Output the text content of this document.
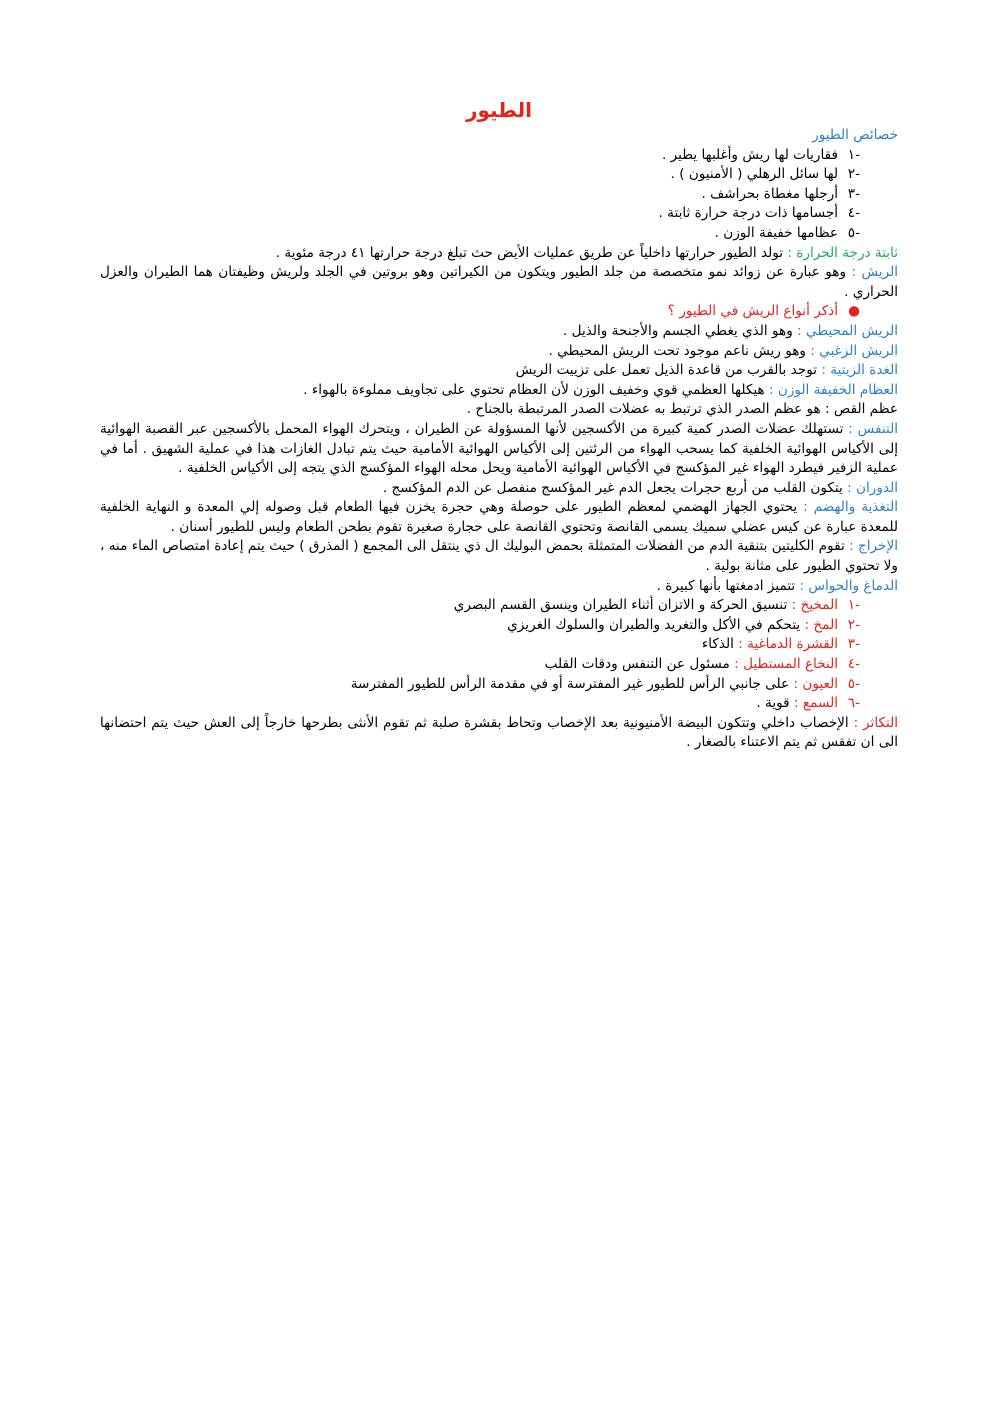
الطيور

خصائص الطيور

-١
فقاريات لها ريش وأغلبها يطير .
-٢
لها سائل الرهلي ( الأمنيون ) .
-٣
أرجلها مغطاة بحراشف .
-٤
أجسامها ذات درجة حرارة ثابتة .
-٥
عظامها خفيفة الوزن .

ثابتة درجة الحرارة : تولد الطيور حرارتها داخلياً عن طريق عمليات الأيض حث تبلغ درجة حرارتها ٤١ درجة مئوية .

الريش : وهو عبارة عن زوائد نمو متخصصة من جلد الطيور ويتكون من الكيراتين وهو بروتين في الجلد ولريش وظيفتان هما الطيران والعزل الحراري .

●
أذكر أنواع الريش في الطيور ؟

الريش المحيطي : وهو الذي يغطي الجسم والأجنحة والذيل .

الريش الزغبي : وهو ريش ناعم موجود تحت الريش المحيطي .

الغدة الزيتية : توجد بالقرب من قاعدة الذيل تعمل على تزييت الريش

العظام الخفيفة الوزن : هيكلها العظمي قوي وخفيف الوزن لأن العظام تحتوي على تجاويف مملوءة بالهواء .

عظم القص : هو عظم الصدر الذي ترتبط به عضلات الصدر المرتبطة بالجناح .

التنفس : تستهلك عضلات الصدر كمية كبيرة من الأكسجين لأنها المسؤولة عن الطيران ، ويتحرك الهواء المحمل بالأكسجين عبر القصبة الهوائية إلى الأكياس الهوائية الخلفية كما يسحب الهواء من الرئتين إلى الأكياس الهوائية الأمامية حيث يتم تبادل الغازات هذا في عملية الشهيق . أما في عملية الزفير فيطرد الهواء غير المؤكسج في الأكياس الهوائية الأمامية ويحل محله الهواء المؤكسج الذي يتجه إلى الأكياس الخلفية .

الدوران : يتكون القلب من أربع حجرات يجعل الدم غير المؤكسج منفصل عن الدم المؤكسج .

التغذية والهضم : يحتوي الجهاز الهضمي لمعظم الطيور على حوصلة وهي حجرة يخزن فيها الطعام قبل وصوله إلي المعدة و النهاية الخلفية للمعدة عبارة عن كيس عضلي سميك يسمى القانصة وتحتوي القانصة على حجارة صغيرة تقوم بطحن الطعام وليس للطيور أسنان .

الإخراج : تقوم الكليتين بتنقية الدم من الفضلات المتمثلة بحمض البوليك ال ذي ينتقل الى المجمع ( المذرق ) حيث يتم إعادة امتصاص الماء منه ، ولا تحتوي الطيور على مثانة بولية .

الدماغ والحواس : تتميز ادمغتها بأنها كبيرة .

-١
المخيخ : تنسيق الحركة و الاتزان أثناء الطيران وينسق القسم البصري
-٢
المخ : يتحكم في الأكل والتغريد والطيران والسلوك الغريزي
-٣
القشرة الدماغية : الذكاء
-٤
النخاع المستطيل : مسئول عن التنفس ودقات القلب
-٥
العيون : على جانبي الرأس للطيور غير المفترسة أو في مقدمة الرأس للطيور المفترسة
-٦
السمع : قوية .

التكاثر : الإخصاب داخلي وتتكون البيضة الأمنيونية بعد الإخصاب وتحاط بقشرة صلبة ثم تقوم الأنثى بطرحها خارجاً إلى العش حيث يتم احتضانها الى ان تفقس ثم يتم الاعتناء بالصغار .
